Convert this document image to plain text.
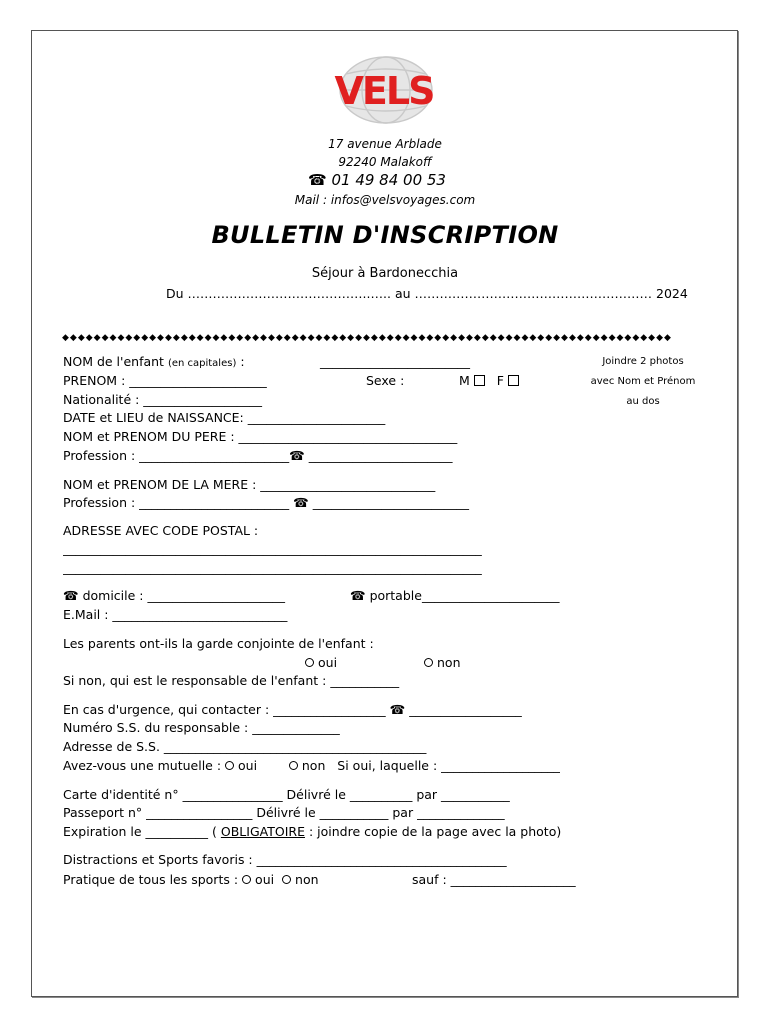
VELS
17 avenue Arblade
92240 Malakoff
☎ 01 49 84 00 53
Mail : infos@velsvoyages.com
BULLETIN D'INSCRIPTION
Séjour à Bardonecchia
Du ……………………………………..….. au ………………………………………………… 2024
◆◆◆◆◆◆◆◆◆◆◆◆◆◆◆◆◆◆◆◆◆◆◆◆◆◆◆◆◆◆◆◆◆◆◆◆◆◆◆◆◆◆◆◆◆◆◆◆◆◆◆◆◆◆◆◆◆◆◆◆◆◆◆◆◆◆◆◆◆◆◆◆◆◆◆◆◆
Joindre 2 photos
avec Nom et Prénom
au dos
NOM de l'enfant (en capitales) :	________________________
PRENOM : ______________________	Sexe :	M F
Nationalité : ___________________
DATE et LIEU de NAISSANCE: ______________________
NOM et PRENOM DU PERE : ___________________________________
Profession : ________________________☎ _______________________
NOM et PRENOM DE LA MERE : ____________________________
Profession : ________________________ ☎ _________________________
ADRESSE AVEC CODE POSTAL :
___________________________________________________________________
___________________________________________________________________
☎ domicile : ______________________	☎ portable______________________
E.Mail : ____________________________
Les parents ont-ils la garde conjointe de l'enfant :
oui	non
Si non, qui est le responsable de l'enfant : ___________
En cas d'urgence, qui contacter : __________________ ☎ __________________
Numéro S.S. du responsable : ______________
Adresse de S.S. __________________________________________
Avez-vous une mutuelle : oui	non Si oui, laquelle : ___________________
Carte d'identité n° ________________ Délivré le __________ par ___________
Passeport n° _________________ Délivré le ___________ par ______________
Expiration le __________ ( OBLIGATOIRE : joindre copie de la page avec la photo)
Distractions et Sports favoris : ________________________________________
Pratique de tous les sports : oui non	sauf : ____________________
